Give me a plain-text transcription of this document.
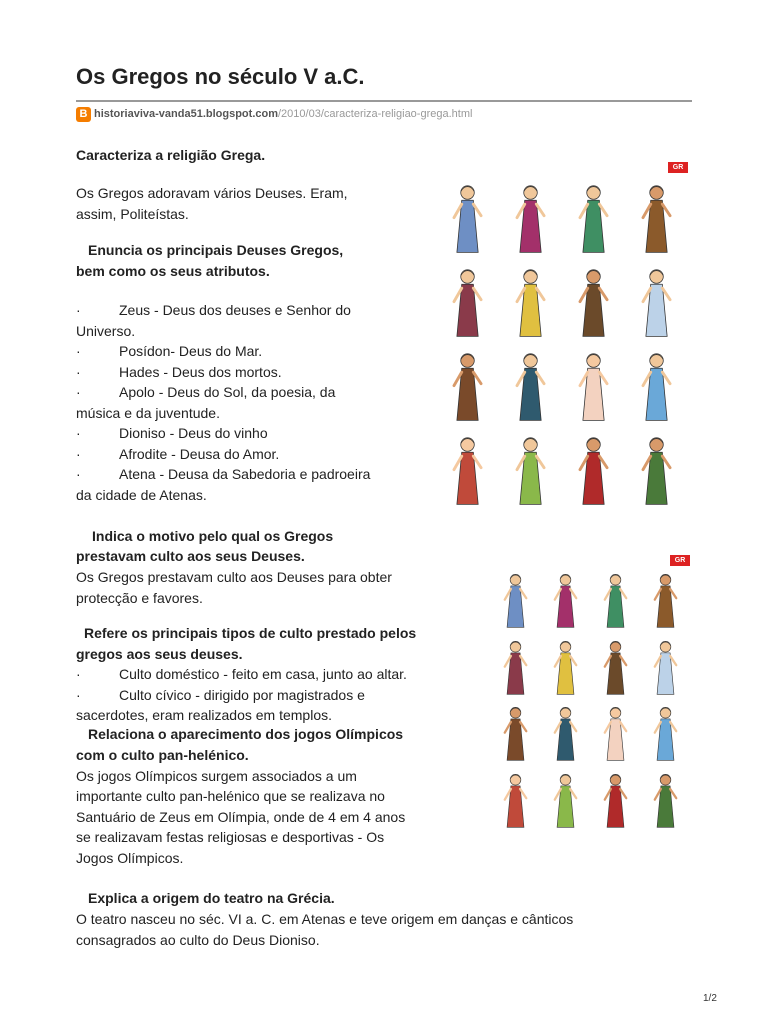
Os Gregos no século V a.C.
B historiaviva-vanda51.blogspot.com/2010/03/caracteriza-religiao-grega.html

Caracteriza a religião Grega.

Os Gregos adoravam vários Deuses. Eram,

assim, Politeístas.

Enuncia os principais Deuses Gregos,

bem como os seus atributos.

·	Zeus - Deus dos deuses e Senhor do
Universo.
·	Posídon- Deus do Mar.
·	Hades - Deus dos mortos.
·	Apolo - Deus do Sol, da poesia, da
música e da juventude.
·	Dioniso - Deus do vinho
·	Afrodite - Deusa do Amor.
·	Atena - Deusa da Sabedoria e padroeira
da cidade de Atenas.

Indica o motivo pelo qual os Gregos

prestavam culto aos seus Deuses.

Os Gregos prestavam culto aos Deuses para obter

protecção e favores.

Refere os principais tipos de culto prestado pelos

gregos aos seus deuses.

·	Culto doméstico - feito em casa, junto ao altar.
·	Culto cívico - dirigido por magistrados e
sacerdotes, eram realizados em templos.

Relaciona o aparecimento dos jogos Olímpicos

com o culto pan-helénico.

Os jogos Olímpicos surgem associados a um

importante culto pan-helénico que se realizava no

Santuário de Zeus em Olímpia, onde de 4 em 4 anos

se realizavam festas religiosas e desportivas - Os

Jogos Olímpicos.

Explica a origem do teatro na Grécia.

O teatro nasceu no séc. VI a. C. em Atenas e teve origem em danças e cânticos

consagrados ao culto do Deus Dioniso.

GR
GR
1/2
